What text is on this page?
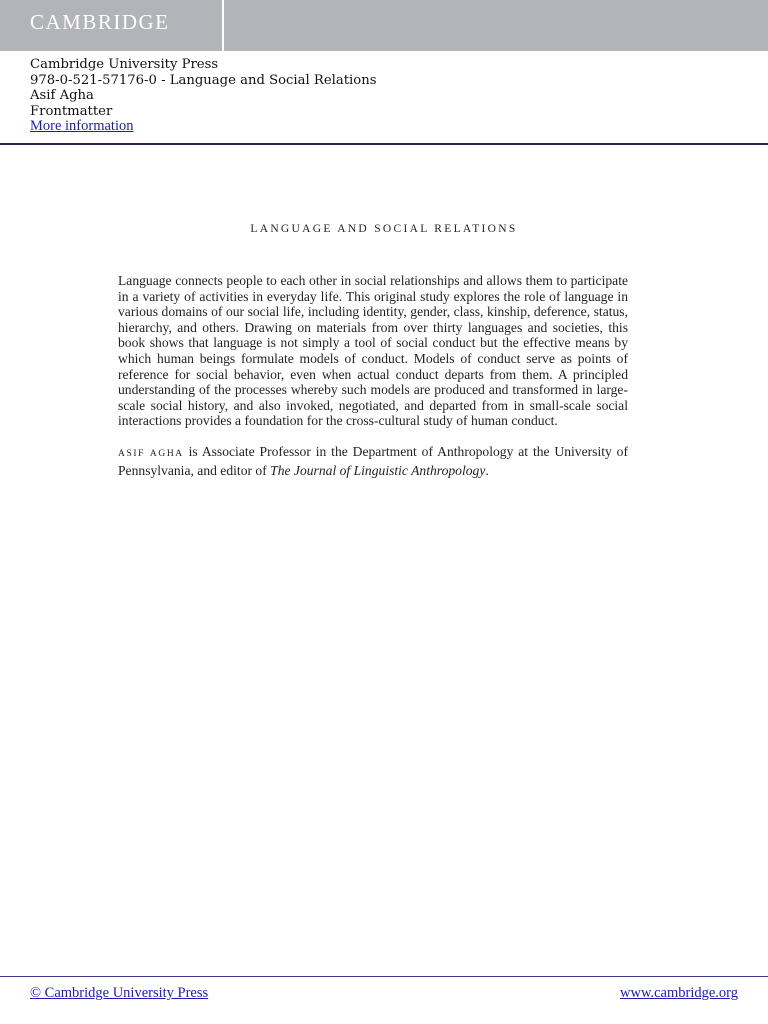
CAMBRIDGE
Cambridge University Press
978-0-521-57176-0 - Language and Social Relations
Asif Agha
Frontmatter
More information
LANGUAGE AND SOCIAL RELATIONS

Language connects people to each other in social relationships and allows them to participate in a variety of activities in everyday life. This original study explores the role of language in various domains of our social life, including identity, gender, class, kinship, deference, status, hierarchy, and others. Drawing on materials from over thirty languages and societies, this book shows that language is not simply a tool of social conduct but the effective means by which human beings formulate models of conduct. Models of conduct serve as points of reference for social behavior, even when actual conduct departs from them. A principled understanding of the processes whereby such models are produced and transformed in large-scale social history, and also invoked, negotiated, and departed from in small-scale social interactions provides a foundation for the cross-cultural study of human conduct.

ASIF AGHA is Associate Professor in the Department of Anthropology at the University of Pennsylvania, and editor of The Journal of Linguistic Anthropology.

© Cambridge University Press	www.cambridge.org
